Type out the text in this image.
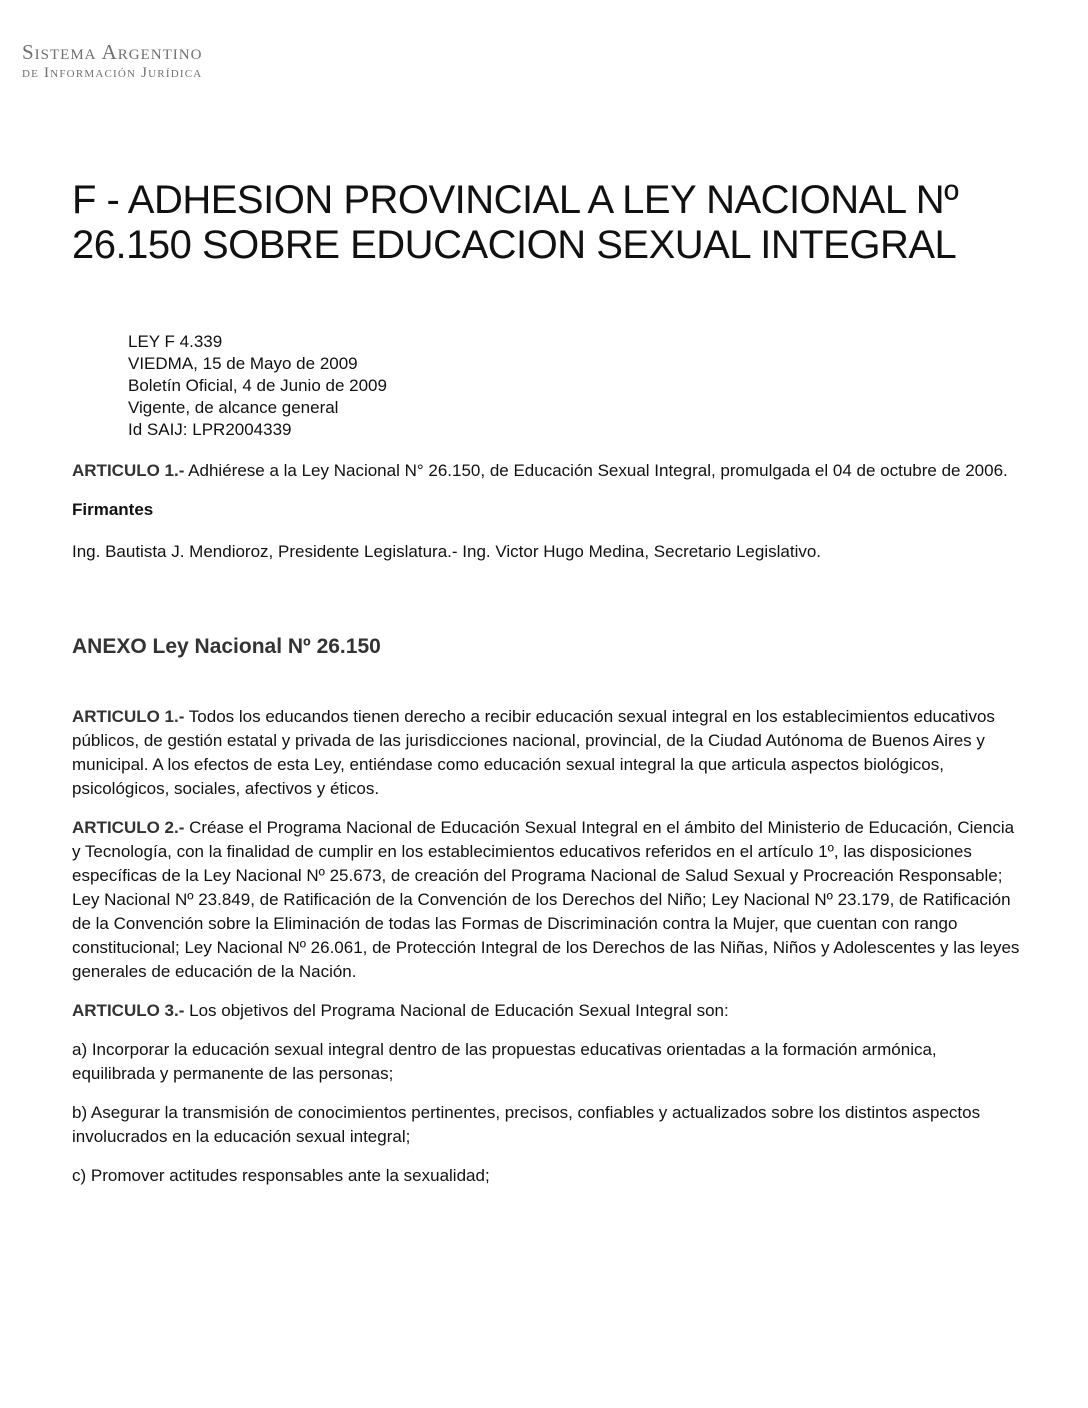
Sistema Argentino
de Información Jurídica
F - ADHESION PROVINCIAL A LEY NACIONAL Nº 26.150 SOBRE EDUCACION SEXUAL INTEGRAL
LEY F 4.339
VIEDMA, 15 de Mayo de 2009
Boletín Oficial, 4 de Junio de 2009
Vigente, de alcance general
Id SAIJ: LPR2004339

ARTICULO 1.- Adhiérese a la Ley Nacional N° 26.150, de Educación Sexual Integral, promulgada el 04 de octubre de 2006.

Firmantes

Ing. Bautista J. Mendioroz, Presidente Legislatura.- Ing. Victor Hugo Medina, Secretario Legislativo.

ANEXO Ley Nacional Nº 26.150

ARTICULO 1.- Todos los educandos tienen derecho a recibir educación sexual integral en los establecimientos educativos públicos, de gestión estatal y privada de las jurisdicciones nacional, provincial, de la Ciudad Autónoma de Buenos Aires y municipal. A los efectos de esta Ley, entiéndase como educación sexual integral la que articula aspectos biológicos, psicológicos, sociales, afectivos y éticos.

ARTICULO 2.- Créase el Programa Nacional de Educación Sexual Integral en el ámbito del Ministerio de Educación, Ciencia y Tecnología, con la finalidad de cumplir en los establecimientos educativos referidos en el artículo 1º, las disposiciones específicas de la Ley Nacional Nº 25.673, de creación del Programa Nacional de Salud Sexual y Procreación Responsable; Ley Nacional Nº 23.849, de Ratificación de la Convención de los Derechos del Niño; Ley Nacional Nº 23.179, de Ratificación de la Convención sobre la Eliminación de todas las Formas de Discriminación contra la Mujer, que cuentan con rango constitucional; Ley Nacional Nº 26.061, de Protección Integral de los Derechos de las Niñas, Niños y Adolescentes y las leyes generales de educación de la Nación.

ARTICULO 3.- Los objetivos del Programa Nacional de Educación Sexual Integral son:

a) Incorporar la educación sexual integral dentro de las propuestas educativas orientadas a la formación armónica, equilibrada y permanente de las personas;

b) Asegurar la transmisión de conocimientos pertinentes, precisos, confiables y actualizados sobre los distintos aspectos involucrados en la educación sexual integral;

c) Promover actitudes responsables ante la sexualidad;
